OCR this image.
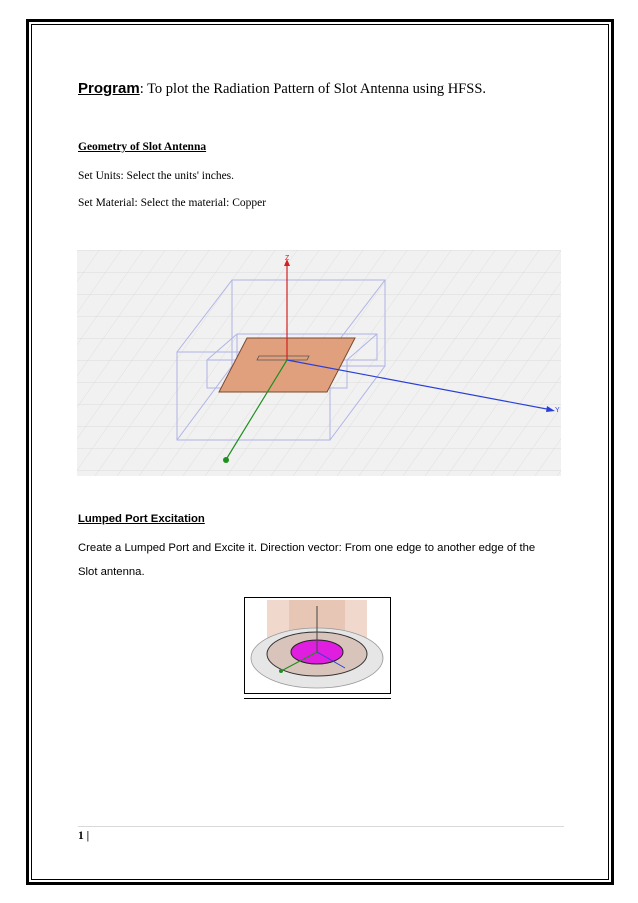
Program: To plot the Radiation Pattern of Slot Antenna using HFSS.
Geometry of Slot Antenna
Set Units: Select the units' inches.
Set Material: Select the material: Copper
Z
Y
Lumped Port Excitation
Create a Lumped Port and Excite it. Direction vector: From one edge to another edge of the
Slot antenna.
1 |
